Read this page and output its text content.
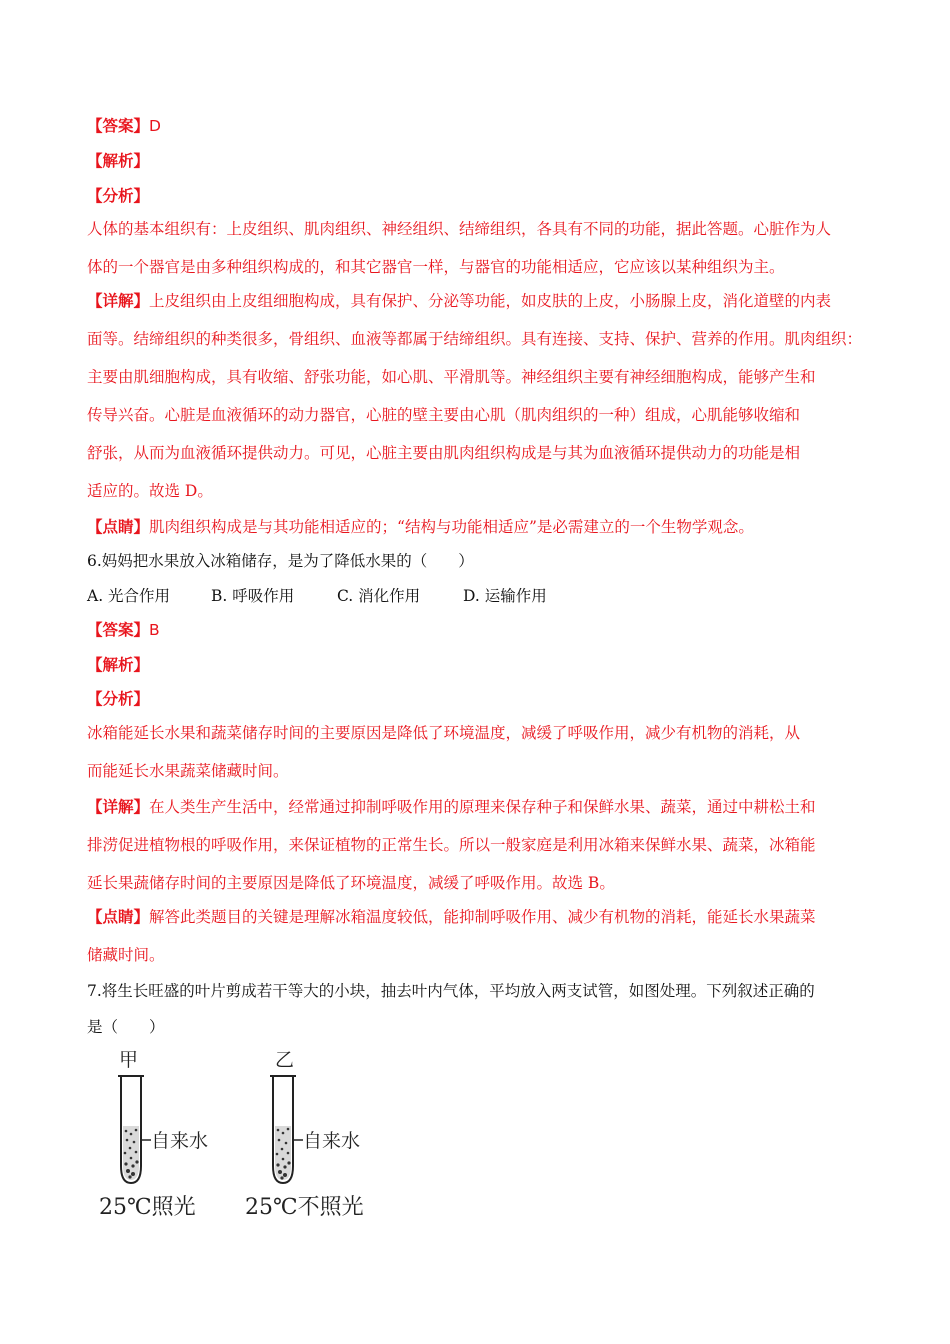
【答案】D
【解析】
【分析】
人体的基本组织有：上皮组织、肌肉组织、神经组织、结缔组织，各具有不同的功能，据此答题。心脏作为人
体的一个器官是由多种组织构成的，和其它器官一样，与器官的功能相适应，它应该以某种组织为主。
【详解】上皮组织由上皮组细胞构成，具有保护、分泌等功能，如皮肤的上皮，小肠腺上皮，消化道壁的内表
面等。结缔组织的种类很多，骨组织、血液等都属于结缔组织。具有连接、支持、保护、营养的作用。肌肉组织：
主要由肌细胞构成，具有收缩、舒张功能，如心肌、平滑肌等。神经组织主要有神经细胞构成，能够产生和
传导兴奋。心脏是血液循环的动力器官，心脏的壁主要由心肌（肌肉组织的一种）组成，心肌能够收缩和
舒张，从而为血液循环提供动力。可见，心脏主要由肌肉组织构成是与其为血液循环提供动力的功能是相
适应的。故选 D。
【点睛】肌肉组织构成是与其功能相适应的；“结构与功能相适应”是必需建立的一个生物学观念。
6.妈妈把水果放入冰箱储存，是为了降低水果的（　　）
A. 光合作用	B. 呼吸作用	C. 消化作用	D. 运输作用
【答案】B
【解析】
【分析】
冰箱能延长水果和蔬菜储存时间的主要原因是降低了环境温度，减缓了呼吸作用，减少有机物的消耗，从
而能延长水果蔬菜储藏时间。
【详解】在人类生产生活中，经常通过抑制呼吸作用的原理来保存种子和保鲜水果、蔬菜，通过中耕松土和
排涝促进植物根的呼吸作用，来保证植物的正常生长。所以一般家庭是利用冰箱来保鲜水果、蔬菜，冰箱能
延长果蔬储存时间的主要原因是降低了环境温度，减缓了呼吸作用。故选 B。
【点睛】解答此类题目的关键是理解冰箱温度较低，能抑制呼吸作用、减少有机物的消耗，能延长水果蔬菜
储藏时间。
7.将生长旺盛的叶片剪成若干等大的小块，抽去叶内气体，平均放入两支试管，如图处理。下列叙述正确的
是（　　）
甲
自来水
25℃照光
乙
自来水
25℃不照光
